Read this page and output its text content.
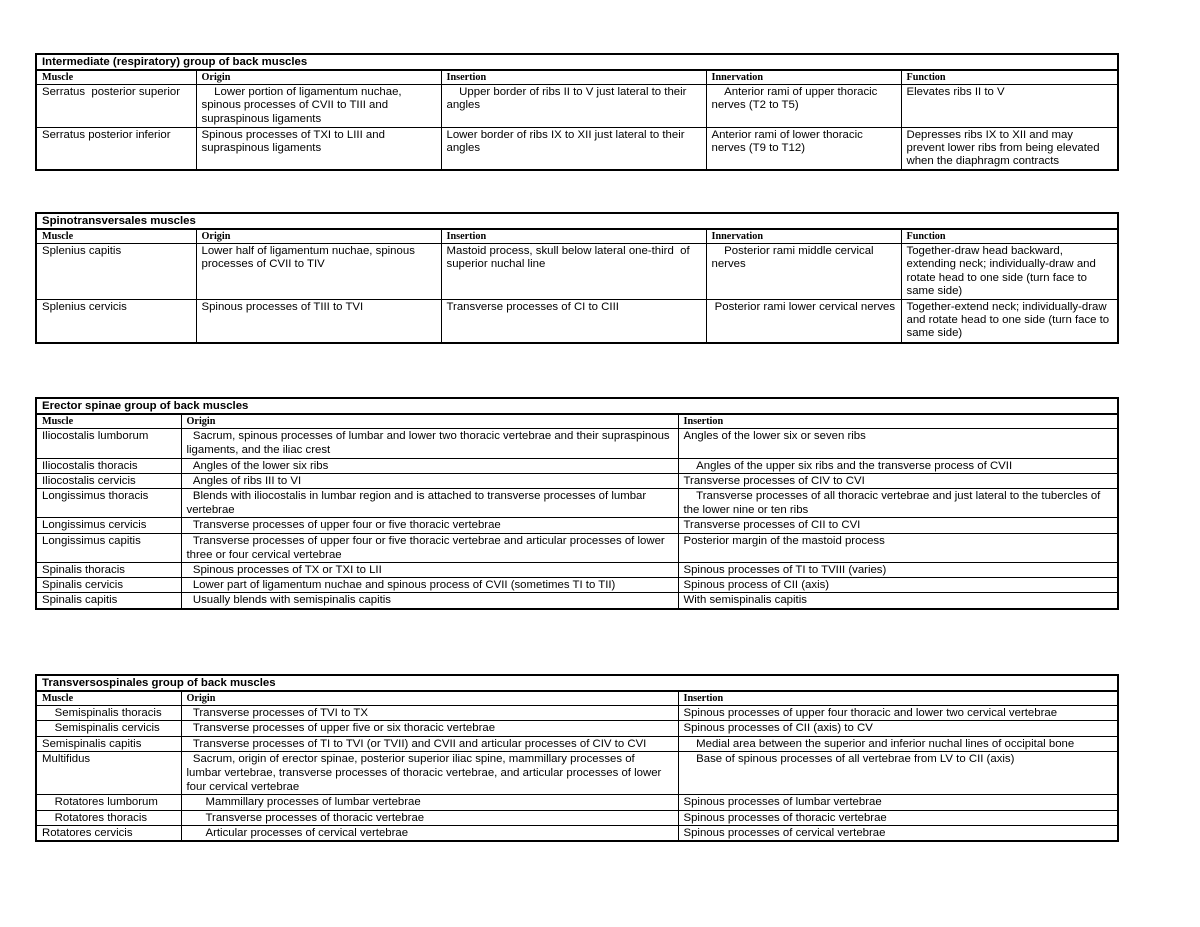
Intermediate (respiratory) group of back muscles				
Muscle	Origin	Insertion	Innervation	Function
Serratus  posterior superior	Lower portion of ligamentum nuchae, spinous processes of CVII to TIII and supraspinous ligaments	Upper border of ribs II to V just lateral to their angles	Anterior rami of upper thoracic nerves (T2 to T5)	Elevates ribs II to V
Serratus posterior inferior	Spinous processes of TXI to LIII and supraspinous ligaments	Lower border of ribs IX to XII just lateral to their angles	Anterior rami of lower thoracic nerves (T9 to T12)	Depresses ribs IX to XII and may prevent lower ribs from being elevated when the diaphragm contracts
Spinotransversales muscles				
Muscle	Origin	Insertion	Innervation	Function
Splenius capitis	Lower half of ligamentum nuchae, spinous processes of CVII to TIV	Mastoid process, skull below lateral one-third  of superior nuchal line	Posterior rami middle cervical nerves	Together-draw head backward, extending neck; individually-draw and rotate head to one side (turn face to same side)
Splenius cervicis	Spinous processes of TIII to TVI	Transverse processes of CI to CIII	Posterior rami lower cervical nerves	Together-extend neck; individually-draw and rotate head to one side (turn face to same side)
Erector spinae group of back muscles		
Muscle	Origin	Insertion
Iliocostalis lumborum	Sacrum, spinous processes of lumbar and lower two thoracic vertebrae and their supraspinous ligaments, and the iliac crest	Angles of the lower six or seven ribs
Iliocostalis thoracis	Angles of the lower six ribs	Angles of the upper six ribs and the transverse process of CVII
Iliocostalis cervicis	Angles of ribs III to VI	Transverse processes of CIV to CVI
Longissimus thoracis	Blends with iliocostalis in lumbar region and is attached to transverse processes of lumbar vertebrae	Transverse processes of all thoracic vertebrae and just lateral to the tubercles of the lower nine or ten ribs
Longissimus cervicis	Transverse processes of upper four or five thoracic vertebrae	Transverse processes of CII to CVI
Longissimus capitis	Transverse processes of upper four or five thoracic vertebrae and articular processes of lower three or four cervical vertebrae	Posterior margin of the mastoid process
Spinalis thoracis	Spinous processes of TX or TXI to LII	Spinous processes of TI to TVIII (varies)
Spinalis cervicis	Lower part of ligamentum nuchae and spinous process of CVII (sometimes TI to TII)	Spinous process of CII (axis)
Spinalis capitis	Usually blends with semispinalis capitis	With semispinalis capitis
Transversospinales group of back muscles		
Muscle	Origin	Insertion
Semispinalis thoracis	Transverse processes of TVI to TX	Spinous processes of upper four thoracic and lower two cervical vertebrae
Semispinalis cervicis	Transverse processes of upper five or six thoracic vertebrae	Spinous processes of CII (axis) to CV
Semispinalis capitis	Transverse processes of TI to TVI (or TVII) and CVII and articular processes of CIV to CVI	Medial area between the superior and inferior nuchal lines of occipital bone
Multifidus	Sacrum, origin of erector spinae, posterior superior iliac spine, mammillary processes of lumbar vertebrae, transverse processes of thoracic vertebrae, and articular processes of lower four cervical vertebrae	Base of spinous processes of all vertebrae from LV to CII (axis)
Rotatores lumborum	Mammillary processes of lumbar vertebrae	Spinous processes of lumbar vertebrae
Rotatores thoracis	Transverse processes of thoracic vertebrae	Spinous processes of thoracic vertebrae
Rotatores cervicis	Articular processes of cervical vertebrae	Spinous processes of cervical vertebrae
